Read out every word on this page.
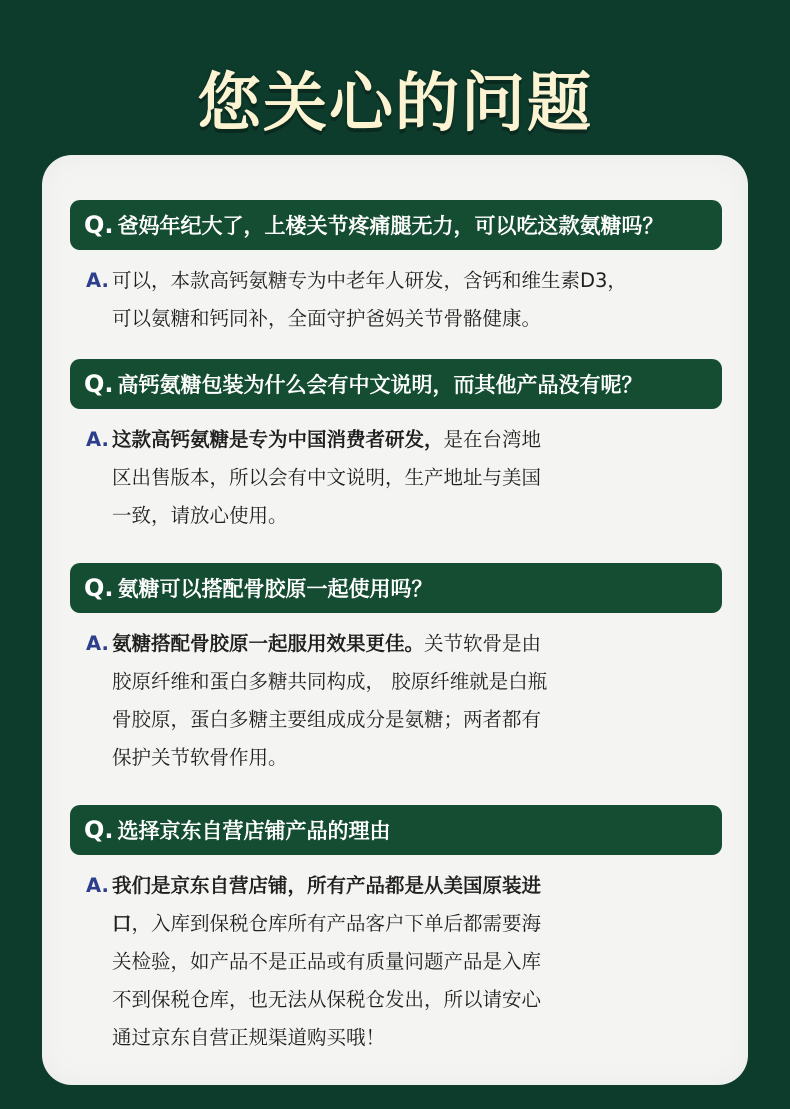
您关心的问题
Q. 爸妈年纪大了，上楼关节疼痛腿无力，可以吃这款氨糖吗？
A. 可以，本款高钙氨糖专为中老年人研发，含钙和维生素D3，
可以氨糖和钙同补，全面守护爸妈关节骨骼健康。
Q. 高钙氨糖包装为什么会有中文说明，而其他产品没有呢？
A. 这款高钙氨糖是专为中国消费者研发，是在台湾地
区出售版本，所以会有中文说明，生产地址与美国
一致，请放心使用。
Q. 氨糖可以搭配骨胶原一起使用吗？
A. 氨糖搭配骨胶原一起服用效果更佳。关节软骨是由
胶原纤维和蛋白多糖共同构成， 胶原纤维就是白瓶
骨胶原，蛋白多糖主要组成成分是氨糖；两者都有
保护关节软骨作用。
Q. 选择京东自营店铺产品的理由
A. 我们是京东自营店铺，所有产品都是从美国原装进
口，入库到保税仓库所有产品客户下单后都需要海
关检验，如产品不是正品或有质量问题产品是入库
不到保税仓库，也无法从保税仓发出，所以请安心
通过京东自营正规渠道购买哦！
